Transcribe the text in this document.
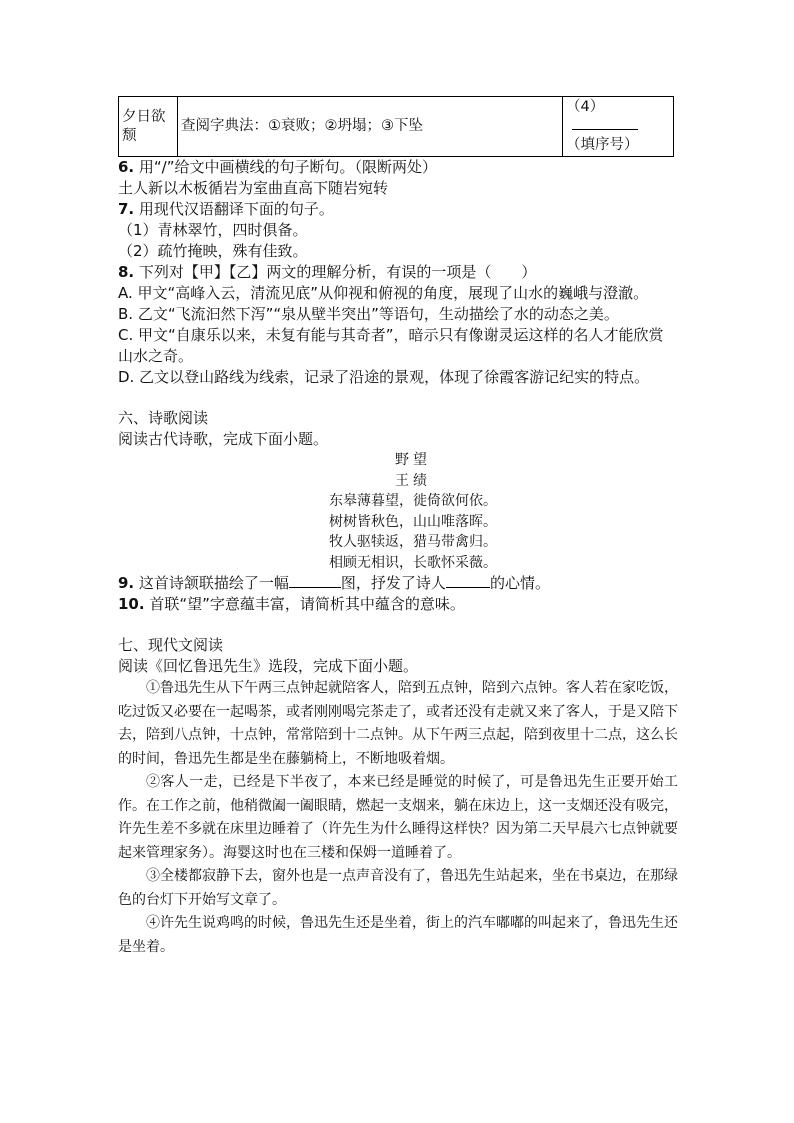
夕日欲颓	查阅字典法：①衰败；②坍塌；③下坠	（4）
（填序号）
6. 用“/”给文中画横线的句子断句。（限断两处）
土人新以木板循岩为室曲直高下随岩宛转
7. 用现代汉语翻译下面的句子。
（1）青林翠竹，四时俱备。
（2）疏竹掩映，殊有佳致。
8. 下列对【甲】【乙】两文的理解分析，有误的一项是（　　）
A. 甲文“高峰入云，清流见底”从仰视和俯视的角度，展现了山水的巍峨与澄澈。
B. 乙文“飞流汩然下泻”“泉从壁半突出”等语句，生动描绘了水的动态之美。
C. 甲文“自康乐以来，未复有能与其奇者”，暗示只有像谢灵运这样的名人才能欣赏山水之奇。
D. 乙文以登山路线为线索，记录了沿途的景观，体现了徐霞客游记纪实的特点。
六、诗歌阅读
阅读古代诗歌，完成下面小题。
野望
王绩
东皋薄暮望，徙倚欲何依。
树树皆秋色，山山唯落晖。
牧人驱犊返，猎马带禽归。
相顾无相识，长歌怀采薇。
9. 这首诗颔联描绘了一幅	图，抒发了诗人	的心情。
10. 首联“望”字意蕴丰富，请简析其中蕴含的意味。
七、现代文阅读
阅读《回忆鲁迅先生》选段，完成下面小题。

①鲁迅先生从下午两三点钟起就陪客人，陪到五点钟，陪到六点钟。客人若在家吃饭，吃过饭又必要在一起喝茶，或者刚刚喝完茶走了，或者还没有走就又来了客人，于是又陪下去，陪到八点钟，十点钟，常常陪到十二点钟。从下午两三点起，陪到夜里十二点，这么长的时间，鲁迅先生都是坐在藤躺椅上，不断地吸着烟。

②客人一走，已经是下半夜了，本来已经是睡觉的时候了，可是鲁迅先生正要开始工作。在工作之前，他稍微阖一阖眼睛，燃起一支烟来，躺在床边上，这一支烟还没有吸完，许先生差不多就在床里边睡着了（许先生为什么睡得这样快？因为第二天早晨六七点钟就要起来管理家务）。海婴这时也在三楼和保姆一道睡着了。

③全楼都寂静下去，窗外也是一点声音没有了，鲁迅先生站起来，坐在书桌边，在那绿色的台灯下开始写文章了。

④许先生说鸡鸣的时候，鲁迅先生还是坐着，街上的汽车嘟嘟的叫起来了，鲁迅先生还是坐着。
